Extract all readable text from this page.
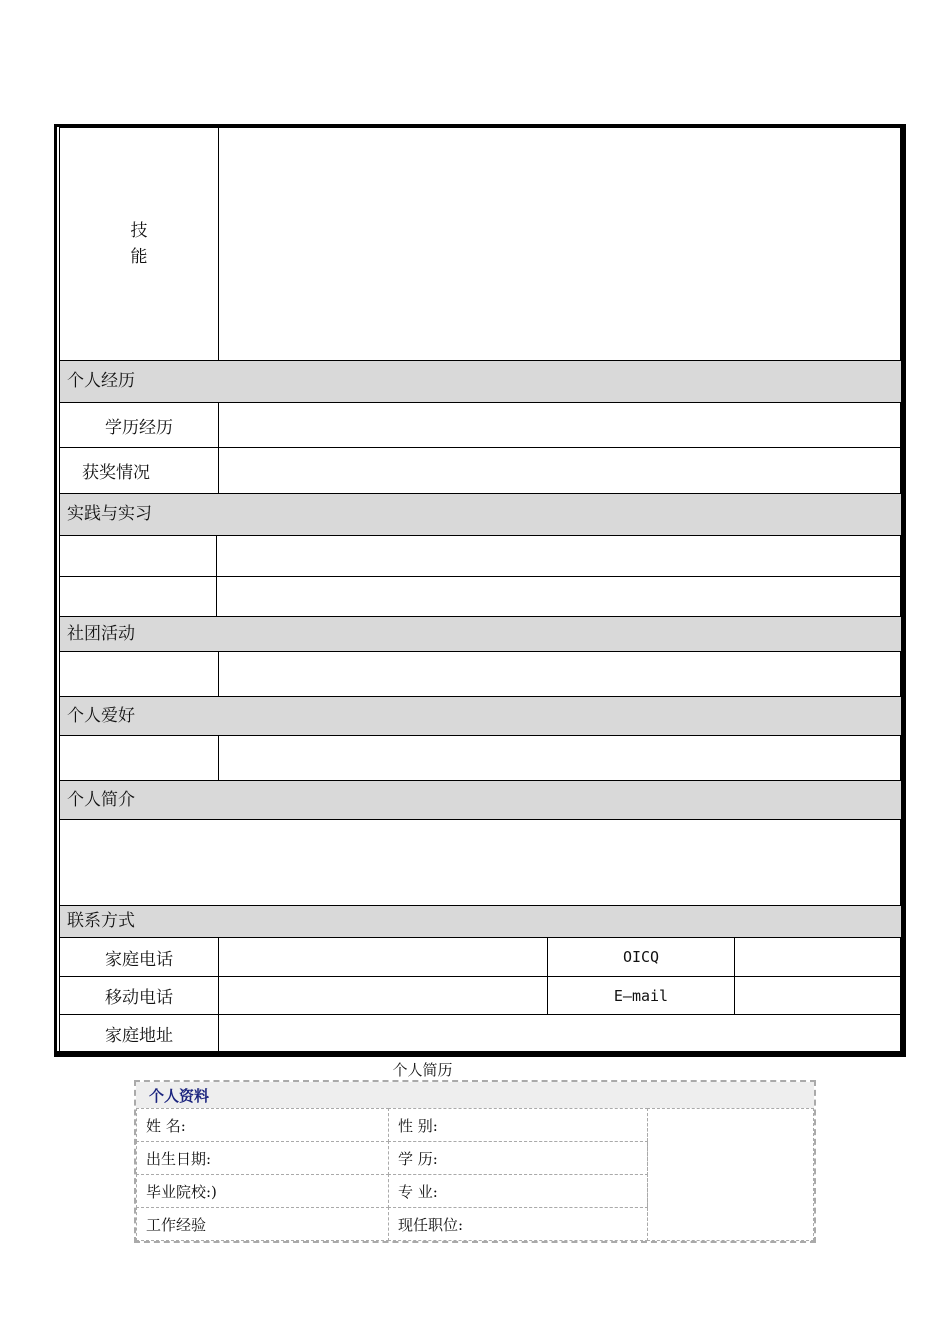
技
能
个人经历
学历经历
获奖情况
实践与实习
社团活动
个人爱好
个人简介
联系方式
家庭电话	OICQ
移动电话	E—mail
家庭地址
个人简历
个人资料
姓 名:	性 别:
出生日期:	学 历:
毕业院校:)	专 业:
工作经验	现任职位:
